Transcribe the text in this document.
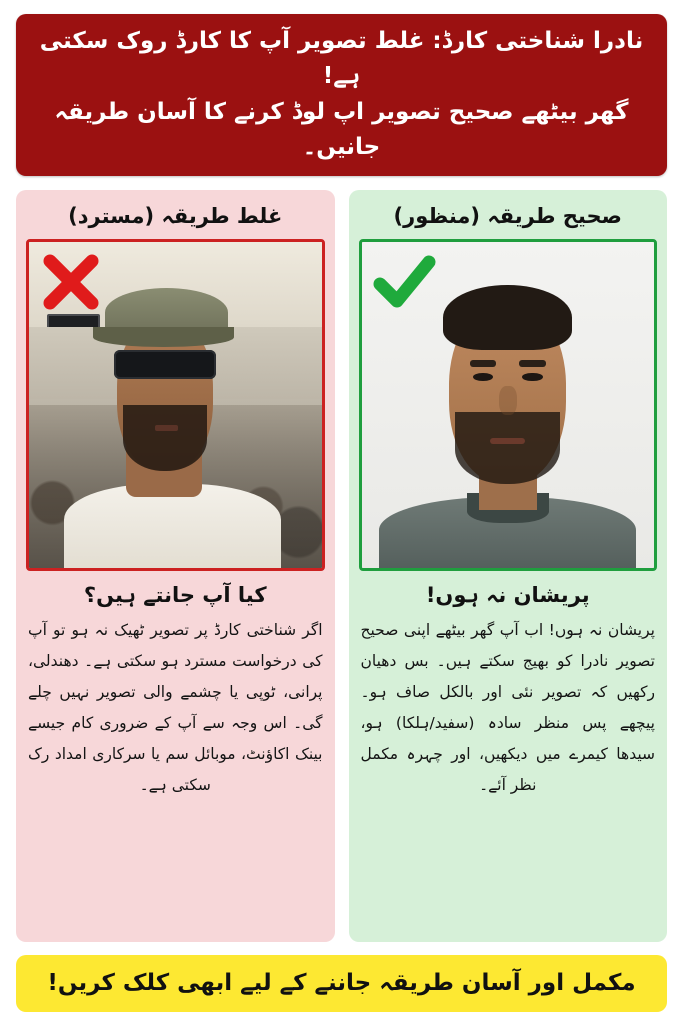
نادرا شناختی کارڈ: غلط تصویر آپ کا کارڈ روک سکتی ہے!
گھر بیٹھے صحیح تصویر اپ لوڈ کرنے کا آسان طریقہ جانیں۔
غلط طریقہ (مسترد)
کیا آپ جانتے ہیں؟
اگر شناختی کارڈ پر تصویر ٹھیک نہ ہو تو آپ کی درخواست مسترد ہو سکتی ہے۔ دھندلی، پرانی، ٹوپی یا چشمے والی تصویر نہیں چلے گی۔ اس وجہ سے آپ کے ضروری کام جیسے بینک اکاؤنٹ، موبائل سم یا سرکاری امداد رک سکتی ہے۔
صحیح طریقہ (منظور)
پریشان نہ ہوں!
پریشان نہ ہوں! اب آپ گھر بیٹھے اپنی صحیح تصویر نادرا کو بھیج سکتے ہیں۔ بس دھیان رکھیں کہ تصویر نئی اور بالکل صاف ہو۔ پیچھے پس منظر سادہ (سفید/ہلکا) ہو، سیدھا کیمرے میں دیکھیں، اور چہرہ مکمل نظر آئے۔
مکمل اور آسان طریقہ جاننے کے لیے ابھی کلک کریں!
